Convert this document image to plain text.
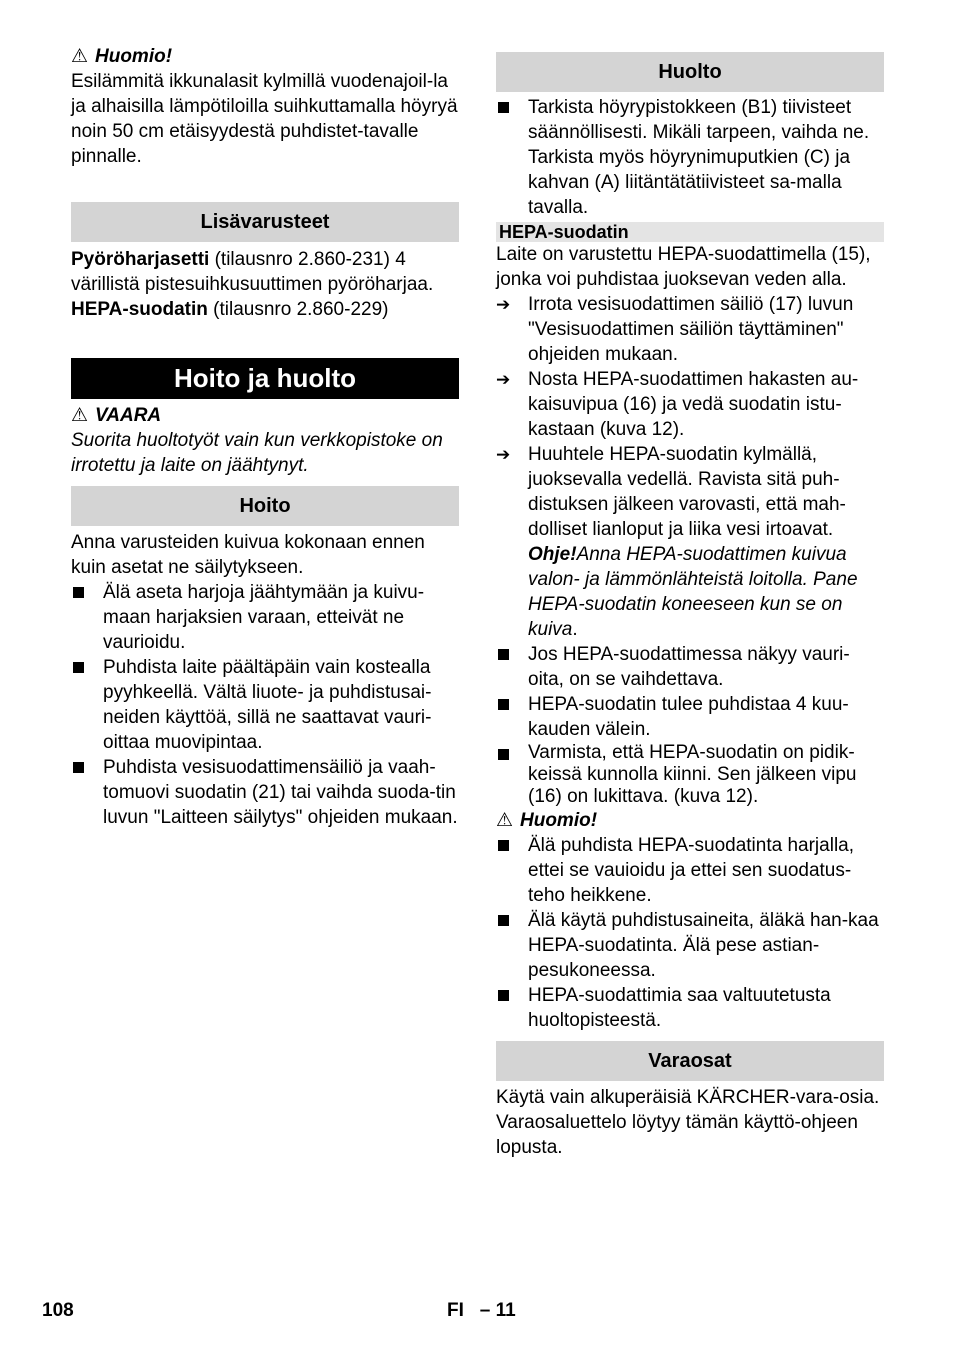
⚠ Huomio!

Esilämmitä ikkunalasit kylmillä vuodenajoil-la ja alhaisilla lämpötiloilla suihkuttamalla höyryä noin 50 cm etäisyydestä puhdistet-tavalle pinnalle.

Lisävarusteet

Pyöröharjasetti (tilausnro 2.860-231) 4 värillistä pistesuihkusuuttimen pyöröharjaa.

HEPA-suodatin (tilausnro 2.860-229)

Hoito ja huolto

⚠ VAARA

Suorita huoltotyöt vain kun verkkopistoke on irrotettu ja laite on jäähtynyt.

Hoito

Anna varusteiden kuivua kokonaan ennen kuin asetat ne säilytykseen.

Älä aseta harjoja jäähtymään ja kuivu-maan harjaksien varaan, etteivät ne vaurioidu.
Puhdista laite päältäpäin vain kostealla pyyhkeellä. Vältä liuote- ja puhdistusai-neiden käyttöä, sillä ne saattavat vauri-oittaa muovipintaa.
Puhdista vesisuodattimensäiliö ja vaah-tomuovi suodatin (21) tai vaihda suoda-tin luvun "Laitteen säilytys" ohjeiden mukaan.
Huolto
Tarkista höyrypistokkeen (B1) tiivisteet säännöllisesti. Mikäli tarpeen, vaihda ne. Tarkista myös höyrynimuputkien (C) ja kahvan (A) liitäntätätiivisteet sa-malla tavalla.
HEPA-suodatin

Laite on varustettu HEPA-suodattimella (15), jonka voi puhdistaa juoksevan veden alla.

➔ Irrota vesisuodattimen säiliö (17) luvun "Vesisuodattimen säiliön täyttäminen" ohjeiden mukaan.
➔ Nosta HEPA-suodattimen hakasten au-kaisuvipua (16) ja vedä suodatin istu-kastaan (kuva 12).
➔ Huuhtele HEPA-suodatin kylmällä, juoksevalla vedellä. Ravista sitä puh-distuksen jälkeen varovasti, että mah-dolliset lianloput ja liika vesi irtoavat.
Ohje!Anna HEPA-suodattimen kuivua valon- ja lämmönlähteistä loitolla. Pane HEPA-suodatin koneeseen kun se on kuiva.
Jos HEPA-suodattimessa näkyy vauri-oita, on se vaihdettava.
HEPA-suodatin tulee puhdistaa 4 kuu-kauden välein.
Varmista, että HEPA-suodatin on pidik-keissä kunnolla kiinni. Sen jälkeen vipu (16) on lukittava. (kuva 12).

⚠ Huomio!

Älä puhdista HEPA-suodatinta harjalla, ettei se vauioidu ja ettei sen suodatus-teho heikkene.
Älä käytä puhdistusaineita, äläkä han-kaa HEPA-suodatinta. Älä pese astian-pesukoneessa.
HEPA-suodattimia saa valtuutetusta huoltopisteestä.
Varaosat

Käytä vain alkuperäisiä KÄRCHER-vara-osia. Varaosaluettelo löytyy tämän käyttö-ohjeen lopusta.

108	FI   – 11
